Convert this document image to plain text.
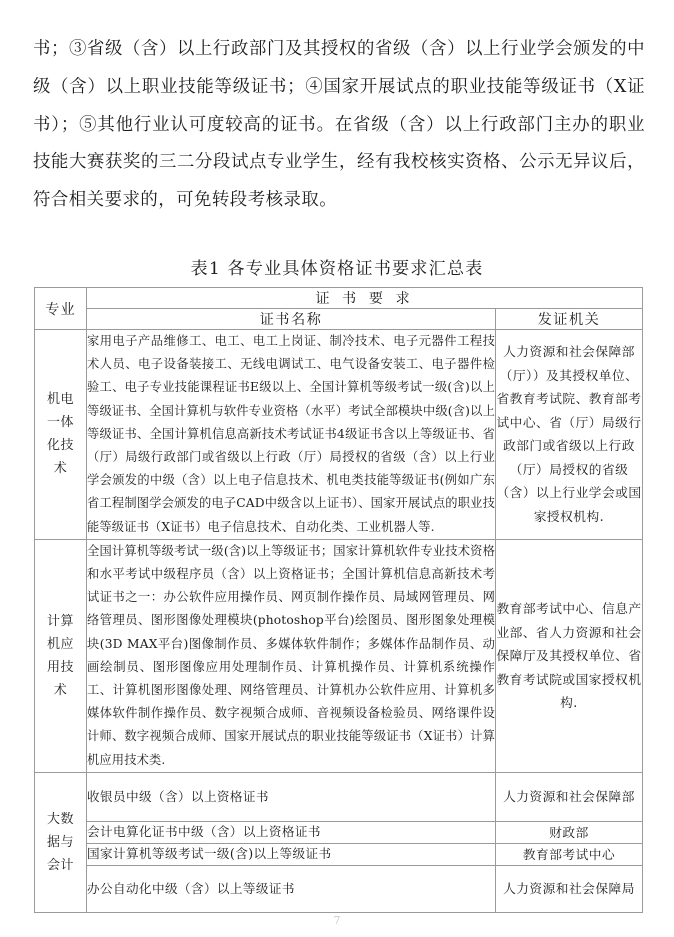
书；③省级（含）以上行政部门及其授权的省级（含）以上行业学会颁发的中级（含）以上职业技能等级证书；④国家开展试点的职业技能等级证书（X证书）；⑤其他行业认可度较高的证书。在省级（含）以上行政部门主办的职业技能大赛获奖的三二分段试点专业学生，经有我校核实资格、公示无异议后，符合相关要求的，可免转段考核录取。

表1 各专业具体资格证书要求汇总表
专业	证 书 要 求	
	证书名称	发证机关

机电
一体
化技
术
	家用电子产品维修工、电工、电工上岗证、制冷技术、电子元器件工程技术人员、电子设备装接工、无线电调试工、电气设备安装工、电子器件检验工、电子专业技能课程证书E级以上、全国计算机等级考试一级(含)以上等级证书、全国计算机与软件专业资格（水平）考试全部模块中级(含)以上等级证书、全国计算机信息高新技术考试证书4级证书含以上等级证书、省（厅）局级行政部门或省级以上行政（厅）局授权的省级（含）以上行业学会颁发的中级（含）以上电子信息技术、机电类技能等级证书(例如广东省工程制图学会颁发的电子CAD中级含以上证书）、国家开展试点的职业技能等级证书（X证书）电子信息技术、自动化类、工业机器人等.	人力资源和社会保障部（厅））及其授权单位、省教育考试院、教育部考试中心、省（厅）局级行政部门或省级以上行政（厅）局授权的省级（含）以上行业学会或国家授权机构.

计算
机应
用技
术
	全国计算机等级考试一级(含)以上等级证书；国家计算机软件专业技术资格和水平考试中级程序员（含）以上资格证书；全国计算机信息高新技术考试证书之一：办公软件应用操作员、网页制作操作员、局域网管理员、网络管理员、图形图像处理模块(photoshop平台)绘图员、图形图象处理模块(3D MAX平台)图像制作员、多媒体软件制作；多媒体作品制作员、动画绘制员、图形图像应用处理制作员、计算机操作员、计算机系统操作工、计算机图形图像处理、网络管理员、计算机办公软件应用、计算机多媒体软件制作操作员、数字视频合成师、音视频设备检验员、网络课件设计师、数字视频合成师、国家开展试点的职业技能等级证书（X证书）计算机应用技术类.	教育部考试中心、信息产业部、省人力资源和社会保障厅及其授权单位、省教育考试院或国家授权机构.

大数
据与
会计	收银员中级（含）以上资格证书	人力资源和社会保障部
	会计电算化证书中级（含）以上资格证书	财政部
	国家计算机等级考试一级(含)以上等级证书	教育部考试中心
	办公自动化中级（含）以上等级证书	人力资源和社会保障局
7
